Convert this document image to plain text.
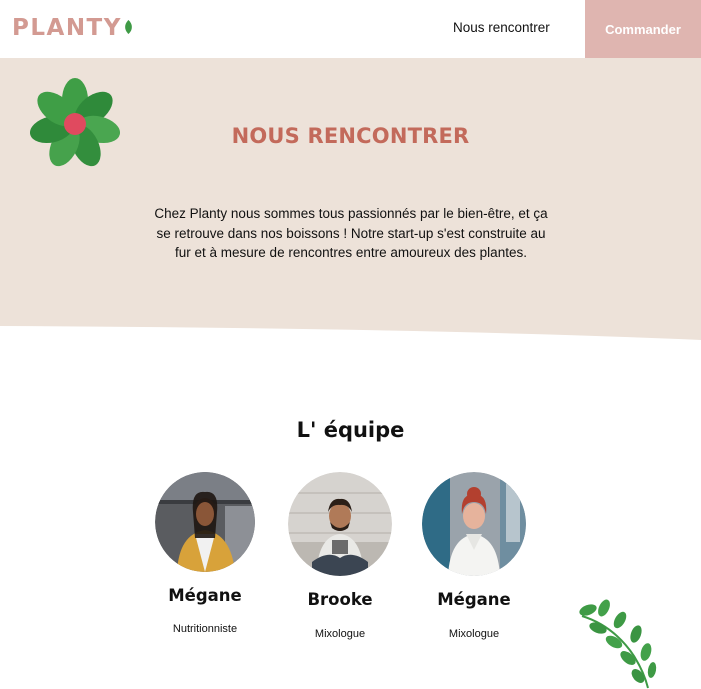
PLANTY	Nous rencontrer	Commander
NOUS RENCONTRER

Chez Planty nous sommes tous passionnés par le bien-être, et ça se retrouve dans nos boissons ! Notre start-up s'est construite au fur et à mesure de rencontres entre amoureux des plantes.

L' équipe

Mégane

Nutritionniste

Brooke

Mixologue

Mégane

Mixologue
